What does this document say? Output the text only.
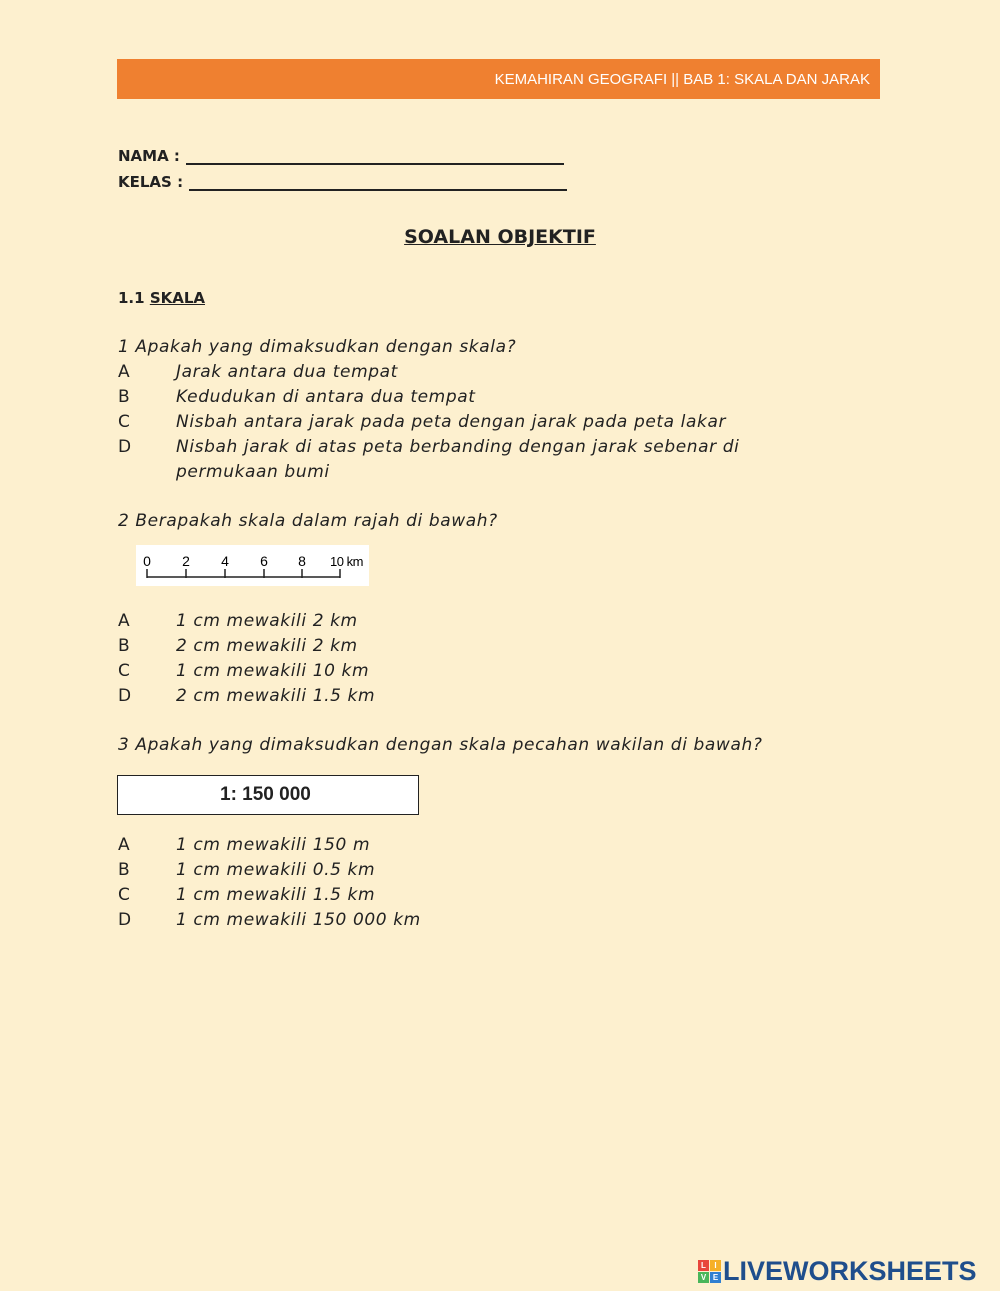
KEMAHIRAN GEOGRAFI || BAB 1: SKALA DAN JARAK
NAMA :
KELAS :
SOALAN OBJEKTIF
1.1 SKALA
1 Apakah yang dimaksudkan dengan skala?
A	Jarak antara dua tempat
B	Kedudukan di antara dua tempat
C	Nisbah antara jarak pada peta dengan jarak pada peta lakar
D	Nisbah jarak di atas peta berbanding dengan jarak sebenar di permukaan bumi
2 Berapakah skala dalam rajah di bawah?
0 2 4 6 8 10 km
A	1 cm mewakili 2 km
B	2 cm mewakili 2 km
C	1 cm mewakili 10 km
D	2 cm mewakili 1.5 km
3 Apakah yang dimaksudkan dengan skala pecahan wakilan di bawah?
1: 150 000
A	1 cm mewakili 150 m
B	1 cm mewakili 0.5 km
C	1 cm mewakili 1.5 km
D	1 cm mewakili 150 000 km
L	I
V E LIVEWORKSHEETS
